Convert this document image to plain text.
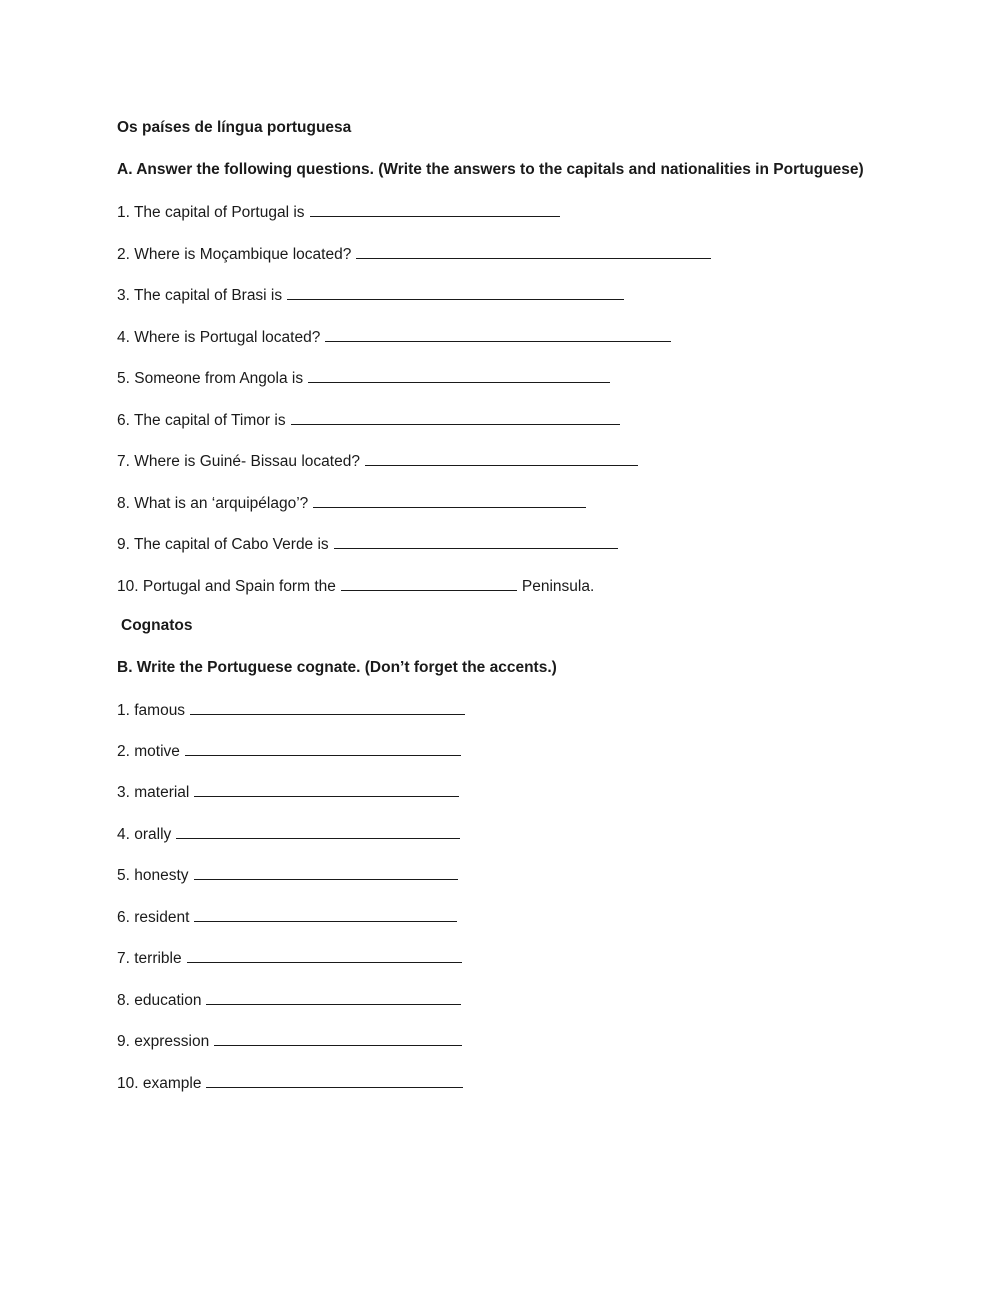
Os países de língua portuguesa
A. Answer the following questions. (Write the answers to the capitals and nationalities in Portuguese)
1. The capital of Portugal is
2. Where is Moçambique located?
3. The capital of Brasi is
4. Where is Portugal located?
5. Someone from Angola is
6. The capital of Timor is
7. Where is Guiné- Bissau located?
8. What is an ‘arquipélago’?
9. The capital of Cabo Verde is
10. Portugal and Spain form the	Peninsula.
Cognatos
B. Write the Portuguese cognate. (Don’t forget the accents.)
1. famous
2. motive
3. material
4. orally
5. honesty
6. resident
7. terrible
8. education
9. expression
10. example
